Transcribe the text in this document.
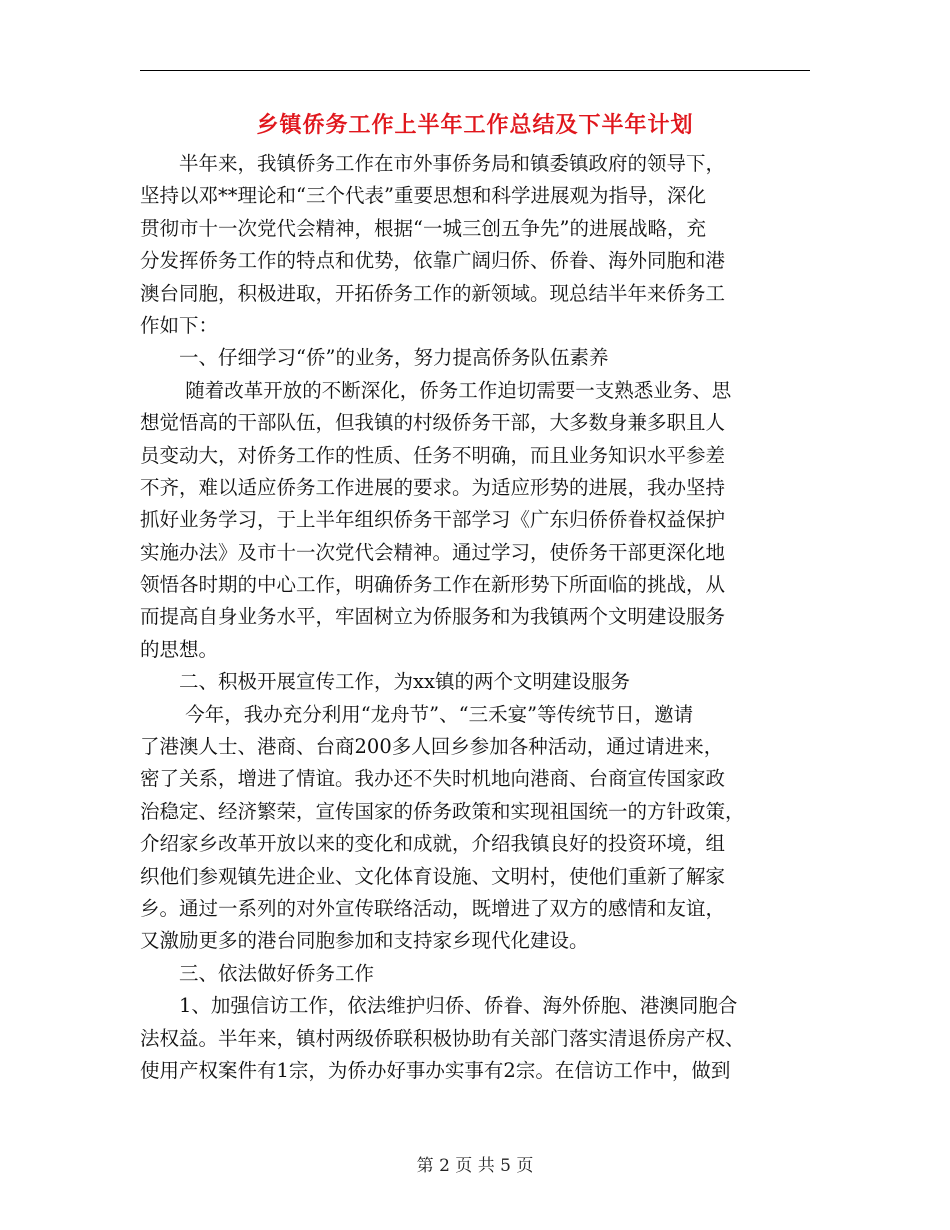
乡镇侨务工作上半年工作总结及下半年计划
　　半年来，我镇侨务工作在市外事侨务局和镇委镇政府的领导下，
坚持以邓**理论和“三个代表”重要思想和科学进展观为指导，深化
贯彻市十一次党代会精神，根据“一城三创五争先”的进展战略，充
分发挥侨务工作的特点和优势，依靠广阔归侨、侨眷、海外同胞和港
澳台同胞，积极进取，开拓侨务工作的新领域。现总结半年来侨务工
作如下：
　　一、仔细学习“侨”的业务，努力提高侨务队伍素养
　　 随着改革开放的不断深化，侨务工作迫切需要一支熟悉业务、思
想觉悟高的干部队伍，但我镇的村级侨务干部，大多数身兼多职且人
员变动大，对侨务工作的性质、任务不明确，而且业务知识水平参差
不齐，难以适应侨务工作进展的要求。为适应形势的进展，我办坚持
抓好业务学习，于上半年组织侨务干部学习《广东归侨侨眷权益保护
实施办法》及市十一次党代会精神。通过学习，使侨务干部更深化地
领悟各时期的中心工作，明确侨务工作在新形势下所面临的挑战，从
而提高自身业务水平，牢固树立为侨服务和为我镇两个文明建设服务
的思想。
　　二、积极开展宣传工作，为xx镇的两个文明建设服务
　　 今年，我办充分利用“龙舟节”、“三禾宴”等传统节日，邀请
了港澳人士、港商、台商200多人回乡参加各种活动，通过请进来，
密了关系，增进了情谊。我办还不失时机地向港商、台商宣传国家政
治稳定、经济繁荣，宣传国家的侨务政策和实现祖国统一的方针政策，
介绍家乡改革开放以来的变化和成就，介绍我镇良好的投资环境，组
织他们参观镇先进企业、文化体育设施、文明村，使他们重新了解家
乡。通过一系列的对外宣传联络活动，既增进了双方的感情和友谊，
又激励更多的港台同胞参加和支持家乡现代化建设。
　　三、依法做好侨务工作
　　1、加强信访工作，依法维护归侨、侨眷、海外侨胞、港澳同胞合
法权益。半年来，镇村两级侨联积极协助有关部门落实清退侨房产权、
使用产权案件有1宗，为侨办好事办实事有2宗。在信访工作中，做到
第 2 页 共 5 页
